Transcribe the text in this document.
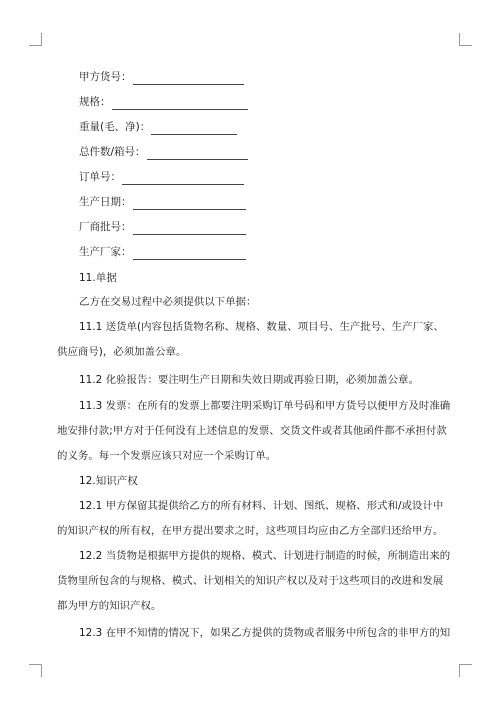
甲方货号：
规格：
重量(毛、净)：
总件数/箱号：
订单号：
生产日期：
厂商批号：
生产厂家：
11.单据
乙方在交易过程中必须提供以下单据：
11.1 送货单(内容包括货物名称、规格、数量、项目号、生产批号、生产厂家、
供应商号)，必须加盖公章。
11.2 化验报告：要注明生产日期和失效日期或再验日期，必须加盖公章。
11.3 发票：在所有的发票上都要注明采购订单号码和甲方货号以便甲方及时准确
地安排付款;甲方对于任何没有上述信息的发票、交货文件或者其他函件都不承担付款
的义务。每一个发票应该只对应一个采购订单。
12.知识产权
12.1 甲方保留其提供给乙方的所有材料、计划、图纸、规格、形式和/或设计中
的知识产权的所有权，在甲方提出要求之时，这些项目均应由乙方全部归还给甲方。
12.2 当货物是根据甲方提供的规格、模式、计划进行制造的时候，所制造出来的
货物里所包含的与规格、模式、计划相关的知识产权以及对于这些项目的改进和发展
都为甲方的知识产权。
12.3 在甲不知情的情况下，如果乙方提供的货物或者服务中所包含的非甲方的知
